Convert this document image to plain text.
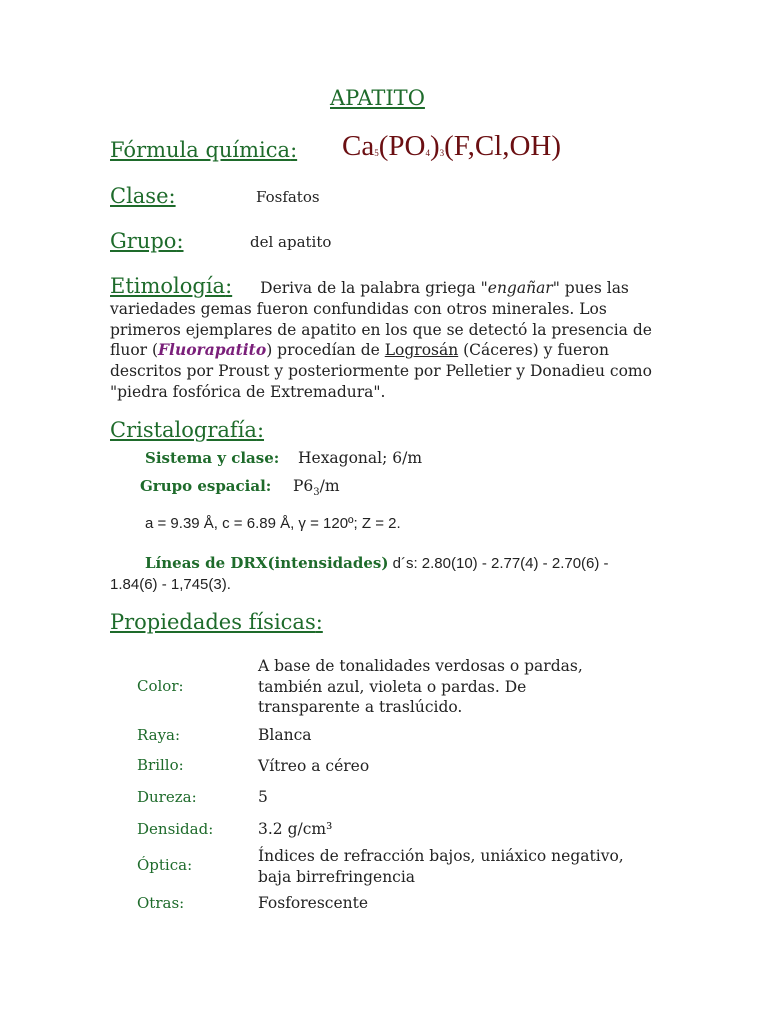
APATITO
Fórmula química: $Ca_5(PO_4)_3(F,Cl,OH)$
Clase:	Fosfatos
Grupo:	del apatito
Etimología: Deriva de la palabra griega "engañar" pues las variedades gemas fueron confundidas con otros minerales. Los primeros ejemplares de apatito en los que se detectó la presencia de fluor (Fluorapatito) procedían de Logrosán (Cáceres) y fueron descritos por Proust y posteriormente por Pelletier y Donadieu como "piedra fosfórica de Extremadura".
Cristalografía:
Sistema y clase: Hexagonal; 6/m
Grupo espacial: $P6_3/m$
a = 9.39 Å, c = 6.89 Å, γ = 120º; Z = 2.
Líneas de DRX(intensidades) d´s: 2.80(10) - 2.77(4) - 2.70(6) - 1.84(6) - 1,745(3).
Propiedades físicas:
Color:
A base de tonalidades verdosas o pardas, también azul, violeta o pardas. De transparente a traslúcido.
Raya:	Blanca
Brillo:	Vítreo a céreo
Dureza:	5
Densidad:	3.2 g/cm³
Óptica:	Índices de refracción bajos, uniáxico negativo, baja birrefringencia
Otras:	Fosforescente
